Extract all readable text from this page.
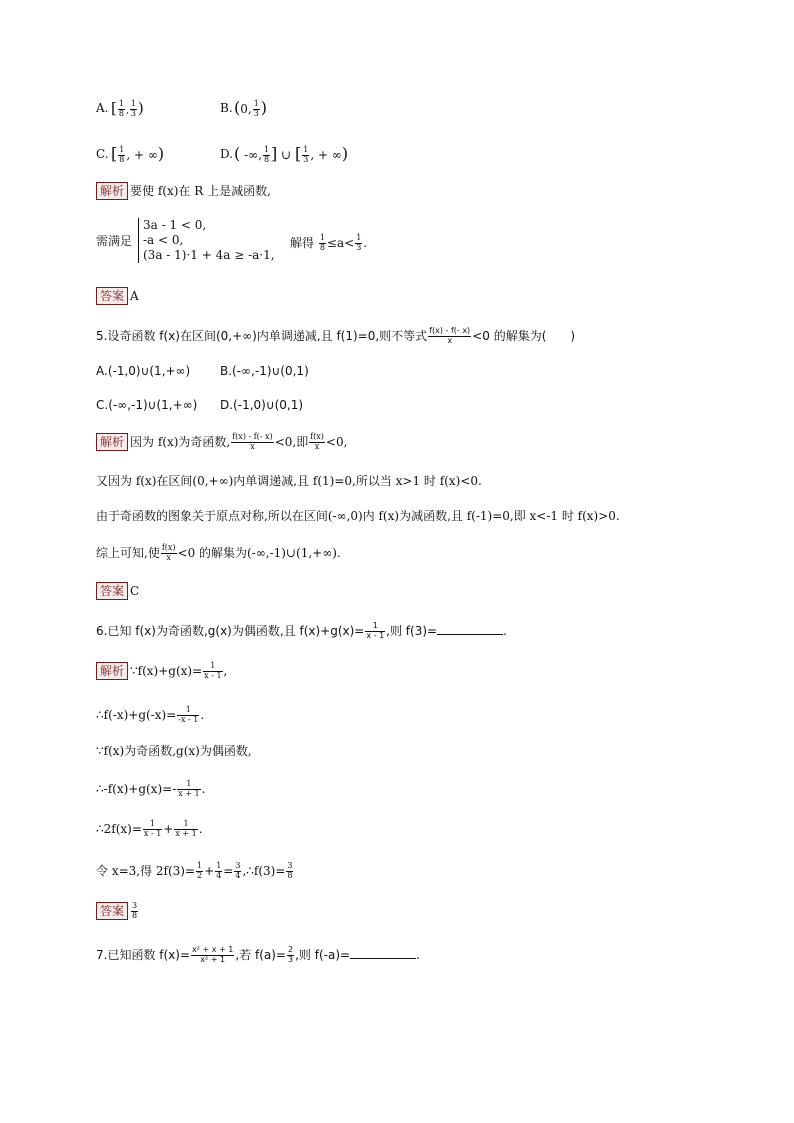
A. [ $\frac{1}{8}$ , $\frac{1}{3}$ )	B. (0, $\frac{1}{3}$ )
C. [ $\frac{1}{8}$ , + ∞)	D. ( -∞, $\frac{1}{8}$ ] ∪ [ $\frac{1}{3}$ , + ∞)
解析 要使 f(x)在 R 上是减函数,
需满足
3a - 1 < 0,
-a < 0,
(3a - 1)·1 + 4a ≥ -a·1,
解得 $\frac{1}{8} \le a< \frac{1}{3}$ .
答案 A
5.设奇函数 f(x)在区间(0,+∞)内单调递减,且 f(1)=0,则不等式 $\frac{f(x) - f(- x)}{x} <0$ 的解集为(　　)
A.(-1,0)∪(1,+∞) B.(-∞,-1)∪(0,1)
C.(-∞,-1)∪(1,+∞) D.(-1,0)∪(0,1)
解析 因为 f(x)为奇函数, $\frac{f(x) - f(- x)}{x} <0$,即 $\frac{f(x)}{x} <0$,
又因为 f(x)在区间(0,+∞)内单调递减,且 f(1)=0,所以当 x>1 时 f(x)<0.
由于奇函数的图象关于原点对称,所以在区间(-∞,0)内 f(x)为减函数,且 f(-1)=0,即 x<-1 时 f(x)>0.
综上可知,使 $\frac{f(x)}{x} <0$ 的解集为(-∞,-1)∪(1,+∞).
答案 C
6.已知 f(x)为奇函数,g(x)为偶函数,且 $f(x)+g(x)= \frac{1}{x - 1}$ ,则 f(3)=	.
解析 ∵f(x)+g(x)= $\frac{1}{x - 1}$ ,
∴f(-x)+g(-x)= $\frac{1}{-x - 1}$ .
∵f(x)为奇函数,g(x)为偶函数,
∴-f(x)+g(x)=- $\frac{1}{x + 1}$ .
∴2f(x)= $\frac{1}{x - 1} + \frac{1}{x + 1}$ .
令 x=3,得 $2f(3)= \frac{1}{2} + \frac{1}{4} = \frac{3}{4}$ ,∴f(3)= $\frac{3}{8}$
答案 $\frac{3}{8}$
7.已知函数 $f(x)= \frac{\text{x² + x + 1}}{\text{x² + 1}}$ ,若 $f(a)= \frac{2}{3}$ ,则 f(-a)=	.
